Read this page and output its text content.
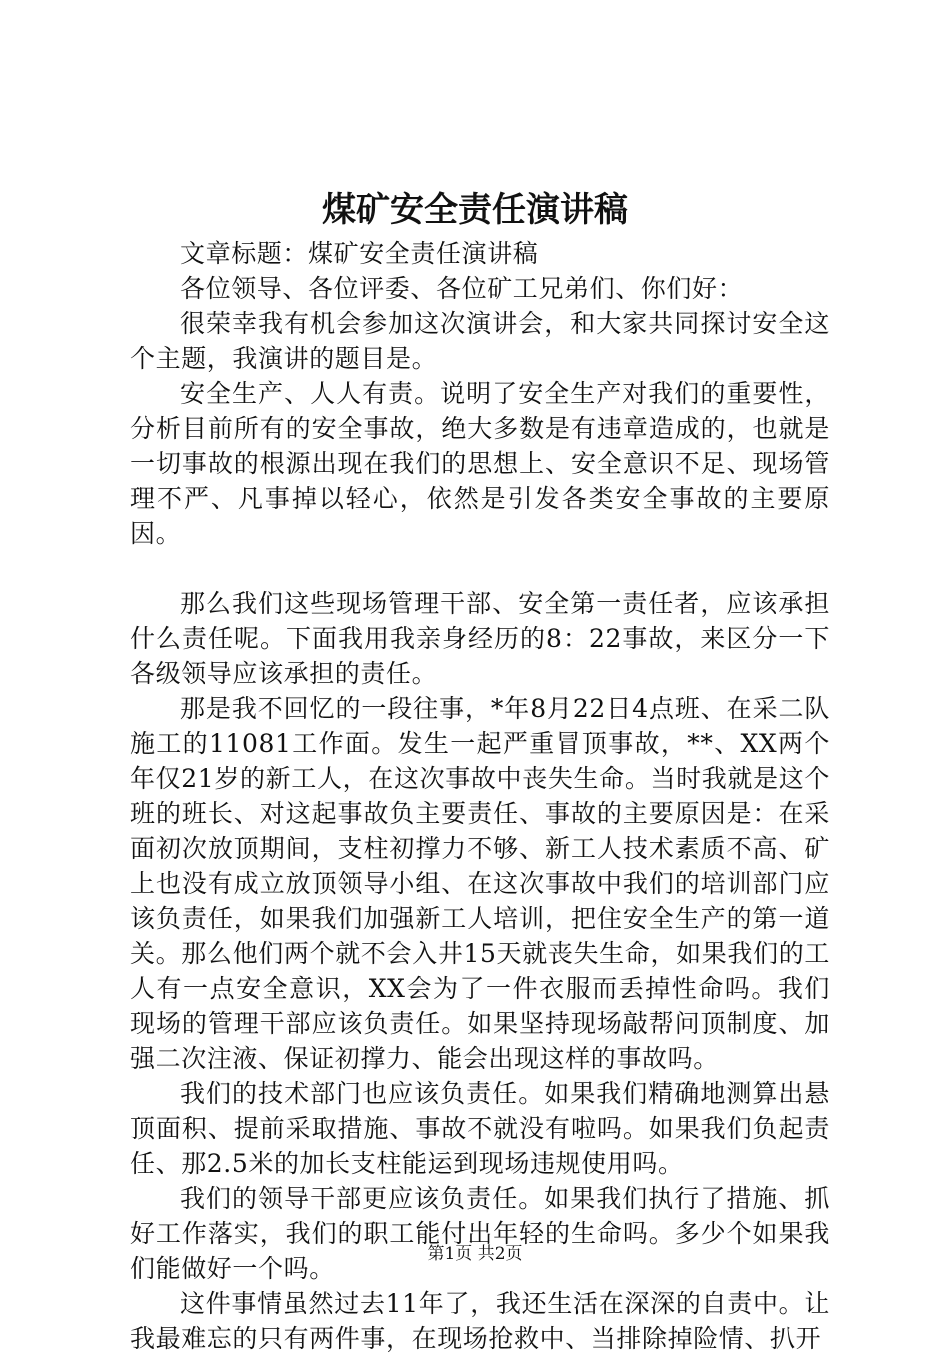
煤矿安全责任演讲稿

文章标题：煤矿安全责任演讲稿

各位领导、各位评委、各位矿工兄弟们、你们好：

很荣幸我有机会参加这次演讲会，和大家共同探讨安全这个主题，我演讲的题目是。

安全生产、人人有责。说明了安全生产对我们的重要性，分析目前所有的安全事故，绝大多数是有违章造成的，也就是一切事故的根源出现在我们的思想上、安全意识不足、现场管理不严、凡事掉以轻心，依然是引发各类安全事故的主要原因。

那么我们这些现场管理干部、安全第一责任者，应该承担什么责任呢。下面我用我亲身经历的8：22事故，来区分一下各级领导应该承担的责任。

那是我不回忆的一段往事，*年8月22日4点班、在采二队施工的11081工作面。发生一起严重冒顶事故，**、XX两个年仅21岁的新工人，在这次事故中丧失生命。当时我就是这个班的班长、对这起事故负主要责任、事故的主要原因是：在采面初次放顶期间，支柱初撑力不够、新工人技术素质不高、矿上也没有成立放顶领导小组、在这次事故中我们的培训部门应该负责任，如果我们加强新工人培训，把住安全生产的第一道关。那么他们两个就不会入井15天就丧失生命，如果我们的工人有一点安全意识，XX会为了一件衣服而丢掉性命吗。我们现场的管理干部应该负责任。如果坚持现场敲帮问顶制度、加强二次注液、保证初撑力、能会出现这样的事故吗。

我们的技术部门也应该负责任。如果我们精确地测算出悬顶面积、提前采取措施、事故不就没有啦吗。如果我们负起责任、那2.5米的加长支柱能运到现场违规使用吗。

我们的领导干部更应该负责任。如果我们执行了措施、抓好工作落实，我们的职工能付出年轻的生命吗。多少个如果我们能做好一个吗。

这件事情虽然过去11年了，我还生活在深深的自责中。让我最难忘的只有两件事，在现场抢救中、当排除掉险情、扒开

第1页 共2页
